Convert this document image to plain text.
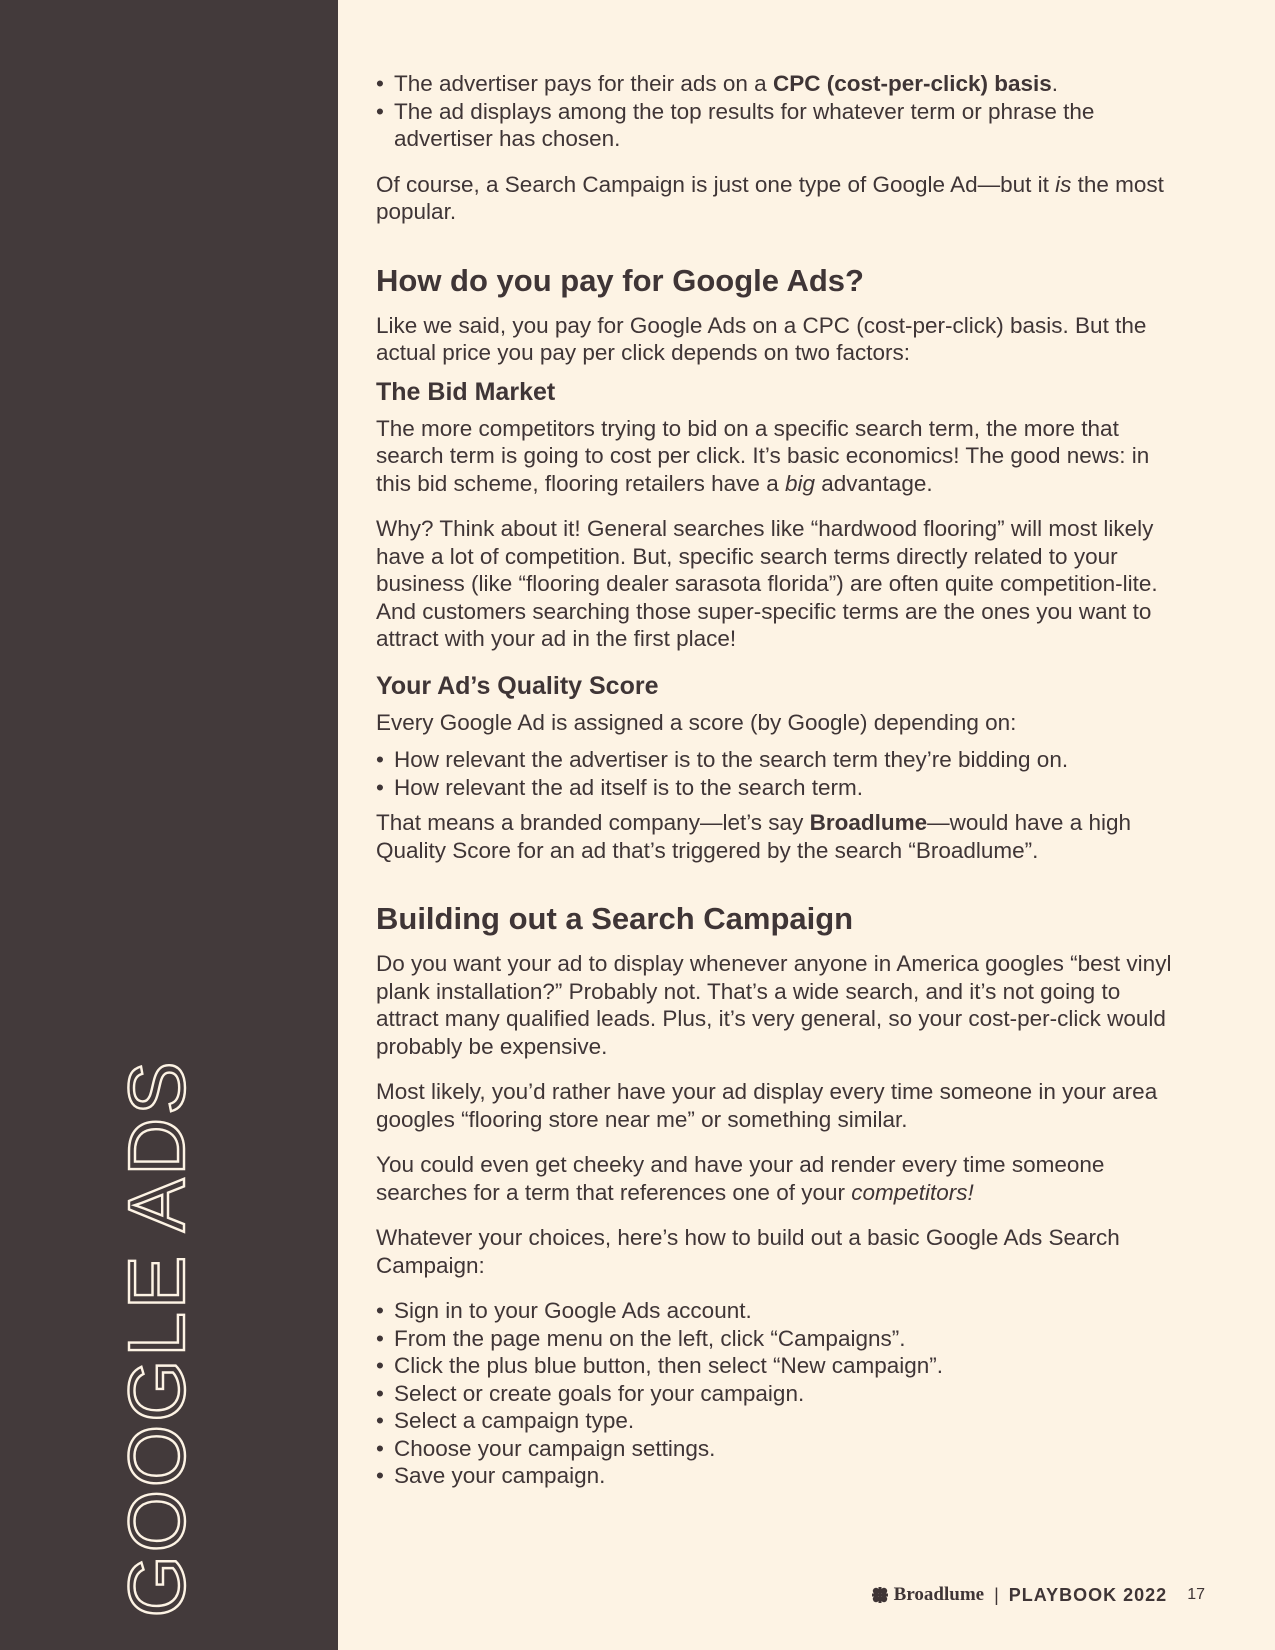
GOOGLE ADS
• The advertiser pays for their ads on a CPC (cost-per-click) basis.
• The ad displays among the top results for whatever term or phrase the advertiser has chosen.

Of course, a Search Campaign is just one type of Google Ad—but it is the most popular.

How do you pay for Google Ads?

Like we said, you pay for Google Ads on a CPC (cost-per-click) basis. But the actual price you pay per click depends on two factors:

The Bid Market

The more competitors trying to bid on a specific search term, the more that search term is going to cost per click. It’s basic economics! The good news: in this bid scheme, flooring retailers have a big advantage.

Why? Think about it! General searches like “hardwood flooring” will most likely have a lot of competition. But, specific search terms directly related to your business (like “flooring dealer sarasota florida”) are often quite competition-lite. And customers searching those super-specific terms are the ones you want to attract with your ad in the first place!

Your Ad’s Quality Score

Every Google Ad is assigned a score (by Google) depending on:

• How relevant the advertiser is to the search term they’re bidding on.
• How relevant the ad itself is to the search term.

That means a branded company—let’s say Broadlume—would have a high Quality Score for an ad that’s triggered by the search “Broadlume”.

Building out a Search Campaign

Do you want your ad to display whenever anyone in America googles “best vinyl plank installation?” Probably not. That’s a wide search, and it’s not going to attract many qualified leads. Plus, it’s very general, so your cost-per-click would probably be expensive.

Most likely, you’d rather have your ad display every time someone in your area googles “flooring store near me” or something similar.

You could even get cheeky and have your ad render every time someone searches for a term that references one of your competitors!

Whatever your choices, here’s how to build out a basic Google Ads Search Campaign:

• Sign in to your Google Ads account.
• From the page menu on the left, click “Campaigns”.
• Click the plus blue button, then select “New campaign”.
• Select or create goals for your campaign.
• Select a campaign type.
• Choose your campaign settings.
• Save your campaign.
Broadlume | PLAYBOOK 2022 17
